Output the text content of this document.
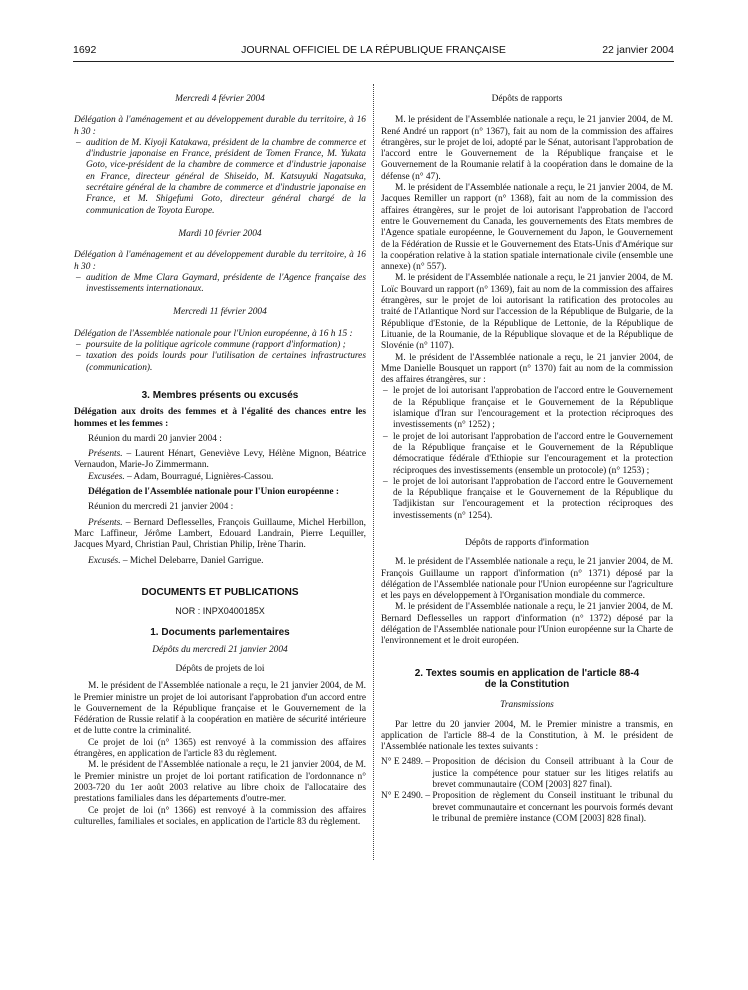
1692	JOURNAL OFFICIEL DE LA RÉPUBLIQUE FRANÇAISE	22 janvier 2004

Mercredi 4 février 2004

Délégation à l'aménagement et au développement durable du territoire, à 16 h 30 :

– audition de M. Kiyoji Katakawa, président de la chambre de commerce et d'industrie japonaise en France, président de Tomen France, M. Yukata Goto, vice-président de la chambre de commerce et d'industrie japonaise en France, directeur général de Shiseido, M. Katsuyuki Nagatsuka, secrétaire général de la chambre de commerce et d'industrie japonaise en France, et M. Shigefumi Goto, directeur général chargé de la communication de Toyota Europe.

Mardi 10 février 2004

Délégation à l'aménagement et au développement durable du territoire, à 16 h 30 :

– audition de Mme Clara Gaymard, présidente de l'Agence française des investissements internationaux.

Mercredi 11 février 2004

Délégation de l'Assemblée nationale pour l'Union européenne, à 16 h 15 :

– poursuite de la politique agricole commune (rapport d'information) ;
– taxation des poids lourds pour l'utilisation de certaines infrastructures (communication).

3. Membres présents ou excusés

Délégation aux droits des femmes et à l'égalité des chances entre les hommes et les femmes :

Réunion du mardi 20 janvier 2004 :

Présents. – Laurent Hénart, Geneviève Levy, Hélène Mignon, Béatrice Vernaudon, Marie-Jo Zimmermann.

Excusées. – Adam, Bourragué, Lignières-Cassou.

Délégation de l'Assemblée nationale pour l'Union européenne :

Réunion du mercredi 21 janvier 2004 :

Présents. – Bernard Deflesselles, François Guillaume, Michel Herbillon, Marc Laffineur, Jérôme Lambert, Edouard Landrain, Pierre Lequiller, Jacques Myard, Christian Paul, Christian Philip, Irène Tharin.

Excusés. – Michel Delebarre, Daniel Garrigue.

DOCUMENTS ET PUBLICATIONS

NOR : INPX0400185X

1. Documents parlementaires

Dépôts du mercredi 21 janvier 2004

Dépôts de projets de loi

M. le président de l'Assemblée nationale a reçu, le 21 janvier 2004, de M. le Premier ministre un projet de loi autorisant l'approbation d'un accord entre le Gouvernement de la République française et le Gouvernement de la Fédération de Russie relatif à la coopération en matière de sécurité intérieure et de lutte contre la criminalité.

Ce projet de loi (n° 1365) est renvoyé à la commission des affaires étrangères, en application de l'article 83 du règlement.

M. le président de l'Assemblée nationale a reçu, le 21 janvier 2004, de M. le Premier ministre un projet de loi portant ratification de l'ordonnance n° 2003-720 du 1er août 2003 relative au libre choix de l'allocataire des prestations familiales dans les départements d'outre-mer.

Ce projet de loi (n° 1366) est renvoyé à la commission des affaires culturelles, familiales et sociales, en application de l'article 83 du règlement.

Dépôts de rapports

M. le président de l'Assemblée nationale a reçu, le 21 janvier 2004, de M. René André un rapport (n° 1367), fait au nom de la commission des affaires étrangères, sur le projet de loi, adopté par le Sénat, autorisant l'approbation de l'accord entre le Gouvernement de la République française et le Gouvernement de la Roumanie relatif à la coopération dans le domaine de la défense (n° 47).

M. le président de l'Assemblée nationale a reçu, le 21 janvier 2004, de M. Jacques Remiller un rapport (n° 1368), fait au nom de la commission des affaires étrangères, sur le projet de loi autorisant l'approbation de l'accord entre le Gouvernement du Canada, les gouvernements des Etats membres de l'Agence spatiale européenne, le Gouvernement du Japon, le Gouvernement de la Fédération de Russie et le Gouvernement des Etats-Unis d'Amérique sur la coopération relative à la station spatiale internationale civile (ensemble une annexe) (n° 557).

M. le président de l'Assemblée nationale a reçu, le 21 janvier 2004, de M. Loïc Bouvard un rapport (n° 1369), fait au nom de la commission des affaires étrangères, sur le projet de loi autorisant la ratification des protocoles au traité de l'Atlantique Nord sur l'accession de la République de Bulgarie, de la République d'Estonie, de la République de Lettonie, de la République de Lituanie, de la Roumanie, de la République slovaque et de la République de Slovénie (n° 1107).

M. le président de l'Assemblée nationale a reçu, le 21 janvier 2004, de Mme Danielle Bousquet un rapport (n° 1370) fait au nom de la commission des affaires étrangères, sur :

– le projet de loi autorisant l'approbation de l'accord entre le Gouvernement de la République française et le Gouvernement de la République islamique d'Iran sur l'encouragement et la protection réciproques des investissements (n° 1252) ;
– le projet de loi autorisant l'approbation de l'accord entre le Gouvernement de la République française et le Gouvernement de la République démocratique fédérale d'Ethiopie sur l'encouragement et la protection réciproques des investissements (ensemble un protocole) (n° 1253) ;
– le projet de loi autorisant l'approbation de l'accord entre le Gouvernement de la République française et le Gouvernement de la République du Tadjikistan sur l'encouragement et la protection réciproques des investissements (n° 1254).

Dépôts de rapports d'information

M. le président de l'Assemblée nationale a reçu, le 21 janvier 2004, de M. François Guillaume un rapport d'information (n° 1371) déposé par la délégation de l'Assemblée nationale pour l'Union européenne sur l'agriculture et les pays en développement à l'Organisation mondiale du commerce.

M. le président de l'Assemblée nationale a reçu, le 21 janvier 2004, de M. Bernard Deflesselles un rapport d'information (n° 1372) déposé par la délégation de l'Assemblée nationale pour l'Union européenne sur la Charte de l'environnement et le droit européen.

2. Textes soumis en application de l'article 88-4

de la Constitution

Transmissions

Par lettre du 20 janvier 2004, M. le Premier ministre a transmis, en application de l'article 88-4 de la Constitution, à M. le président de l'Assemblée nationale les textes suivants :

N° E 2489. – Proposition de décision du Conseil attribuant à la Cour de justice la compétence pour statuer sur les litiges relatifs au brevet communautaire (COM [2003] 827 final).
N° E 2490. – Proposition de règlement du Conseil instituant le tribunal du brevet communautaire et concernant les pourvois formés devant le tribunal de première instance (COM [2003] 828 final).
